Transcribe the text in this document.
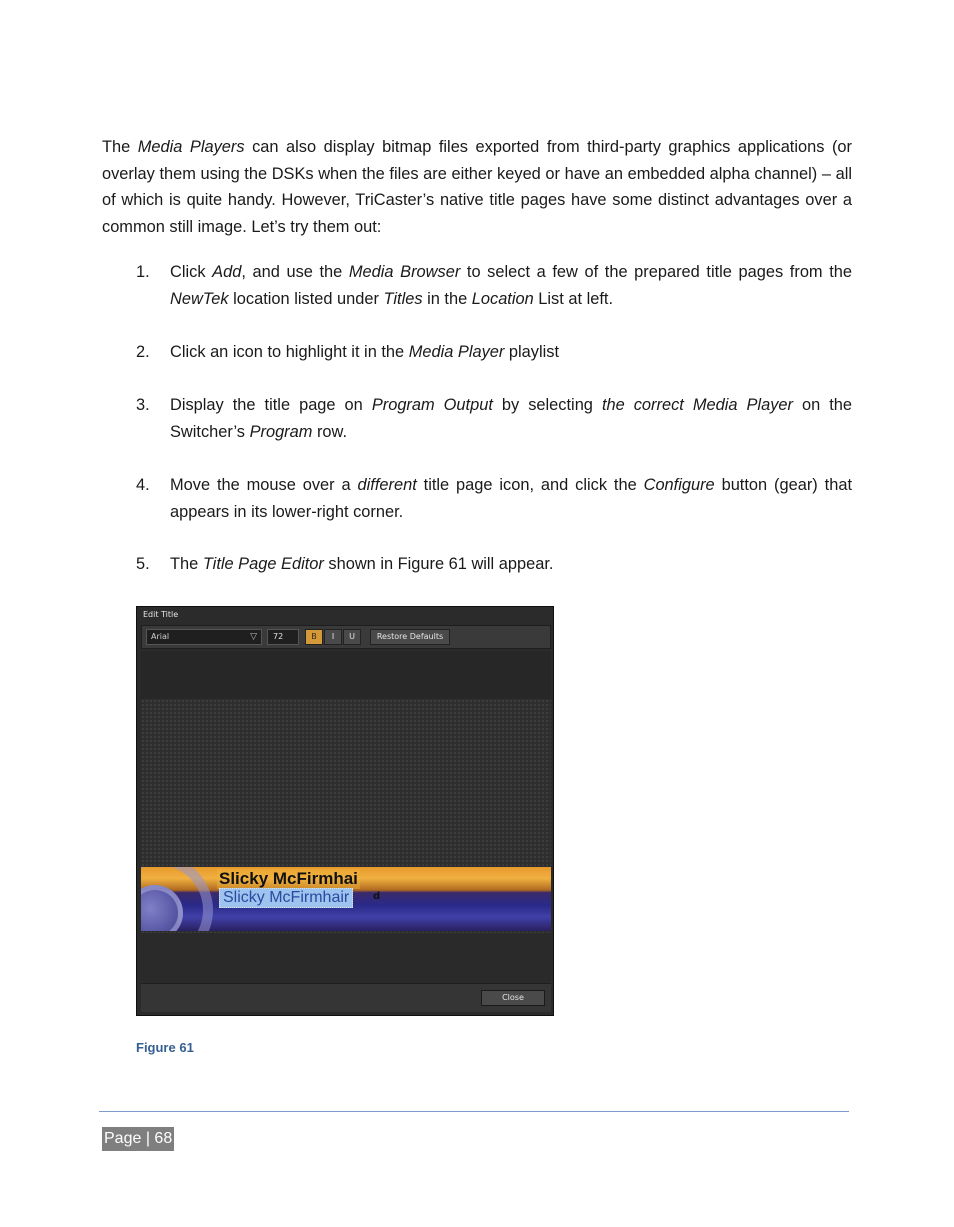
The Media Players can also display bitmap files exported from third-party graphics applications (or overlay them using the DSKs when the files are either keyed or have an embedded alpha channel) – all of which is quite handy. However, TriCaster’s native title pages have some distinct advantages over a common still image. Let’s try them out:

1. Click Add, and use the Media Browser to select a few of the prepared title pages from the NewTek location listed under Titles in the Location List at left.
2. Click an icon to highlight it in the Media Player playlist
3. Display the title page on Program Output by selecting the correct Media Player on the Switcher’s Program row.
4. Move the mouse over a different title page icon, and click the Configure button (gear) that appears in its lower-right corner.
5. The Title Page Editor shown in Figure 61 will appear.
Edit Title
Arial	▽	72	B	I	U	Restore Defaults
Slicky McFirmhai
d
Slicky McFirmhair
Close
Figure 61
Page | 68
